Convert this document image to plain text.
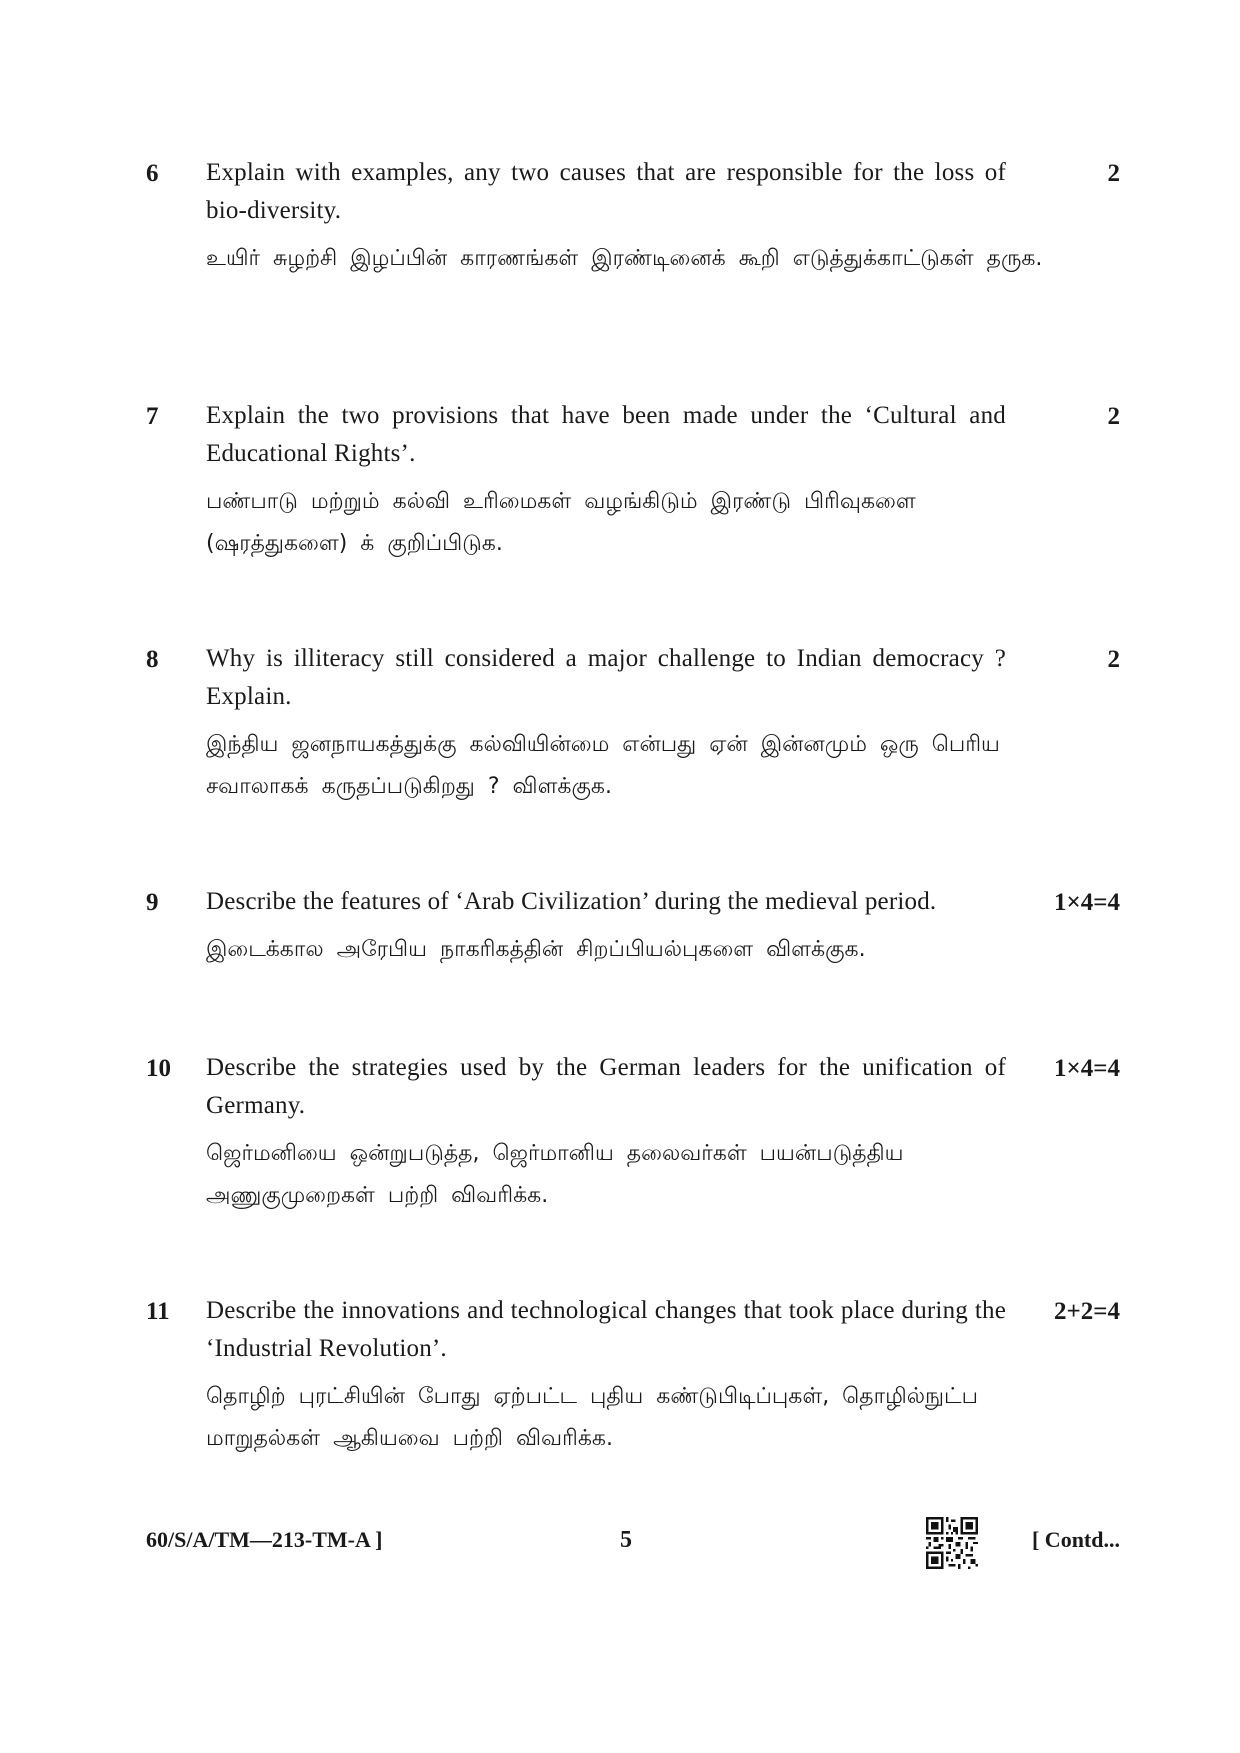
6 Explain with examples, any two causes that are responsible for the loss of bio-diversity.
2
உயிர் சுழற்சி இழப்பின் காரணங்கள் இரண்டினைக் கூறி எடுத்துக்காட்டுகள் தருக.
7 Explain the two provisions that have been made under the ‘Cultural and Educational Rights’.
2
பண்பாடு மற்றும் கல்வி உரிமைகள் வழங்கிடும் இரண்டு பிரிவுகளை (ஷரத்துகளை) க் குறிப்பிடுக.
8 Why is illiteracy still considered a major challenge to Indian democracy ? Explain.
2
இந்திய ஜனநாயகத்துக்கு கல்வியின்மை என்பது ஏன் இன்னமும் ஒரு பெரிய சவாலாகக் கருதப்படுகிறது ? விளக்குக.
9 Describe the features of ‘Arab Civilization’ during the medieval period.	1×4=4
இடைக்கால அரேபிய நாகரிகத்தின் சிறப்பியல்புகளை விளக்குக.
10 Describe the strategies used by the German leaders for the unification of Germany.
1×4=4
ஜெர்மனியை ஒன்றுபடுத்த, ஜெர்மானிய தலைவர்கள் பயன்படுத்திய அணுகுமுறைகள் பற்றி விவரிக்க.
11 Describe the innovations and technological changes that took place during the ‘Industrial Revolution’.
2+2=4
தொழிற் புரட்சியின் போது ஏற்பட்ட புதிய கண்டுபிடிப்புகள், தொழில்நுட்ப மாறுதல்கள் ஆகியவை பற்றி விவரிக்க.
60/S/A/TM—213-TM-A ]	5	[ Contd...
